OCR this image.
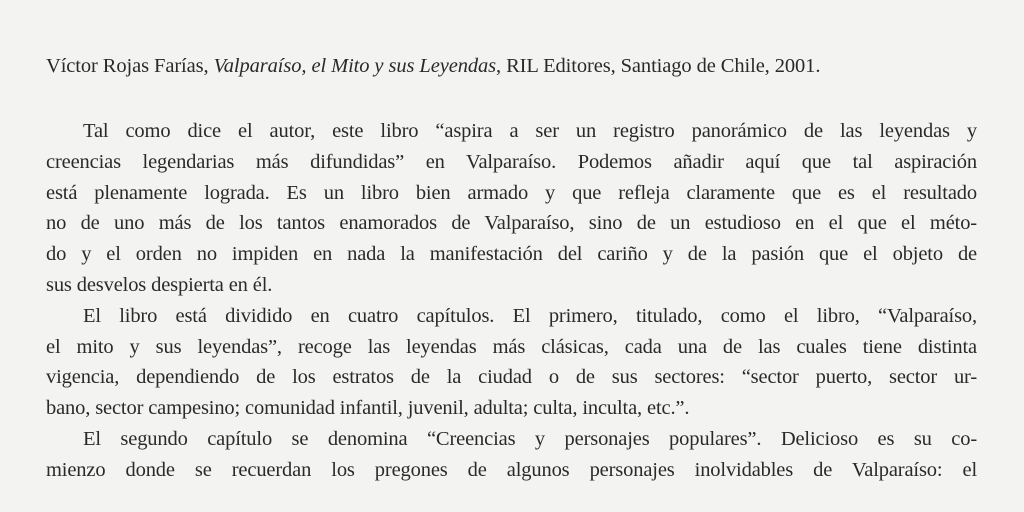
Víctor Rojas Farías, Valparaíso, el Mito y sus Leyendas, RIL Editores, Santiago de Chile, 2001.
Tal como dice el autor, este libro “aspira a ser un registro panorámico de las leyendas y
creencias legendarias más difundidas” en Valparaíso. Podemos añadir aquí que tal aspiración
está plenamente lograda. Es un libro bien armado y que refleja claramente que es el resultado
no de uno más de los tantos enamorados de Valparaíso, sino de un estudioso en el que el méto-
do y el orden no impiden en nada la manifestación del cariño y de la pasión que el objeto de
sus desvelos despierta en él.
El libro está dividido en cuatro capítulos. El primero, titulado, como el libro, “Valparaíso,
el mito y sus leyendas”, recoge las leyendas más clásicas, cada una de las cuales tiene distinta
vigencia, dependiendo de los estratos de la ciudad o de sus sectores: “sector puerto, sector ur-
bano, sector campesino; comunidad infantil, juvenil, adulta; culta, inculta, etc.”.
El segundo capítulo se denomina “Creencias y personajes populares”. Delicioso es su co-
mienzo donde se recuerdan los pregones de algunos personajes inolvidables de Valparaíso: el
